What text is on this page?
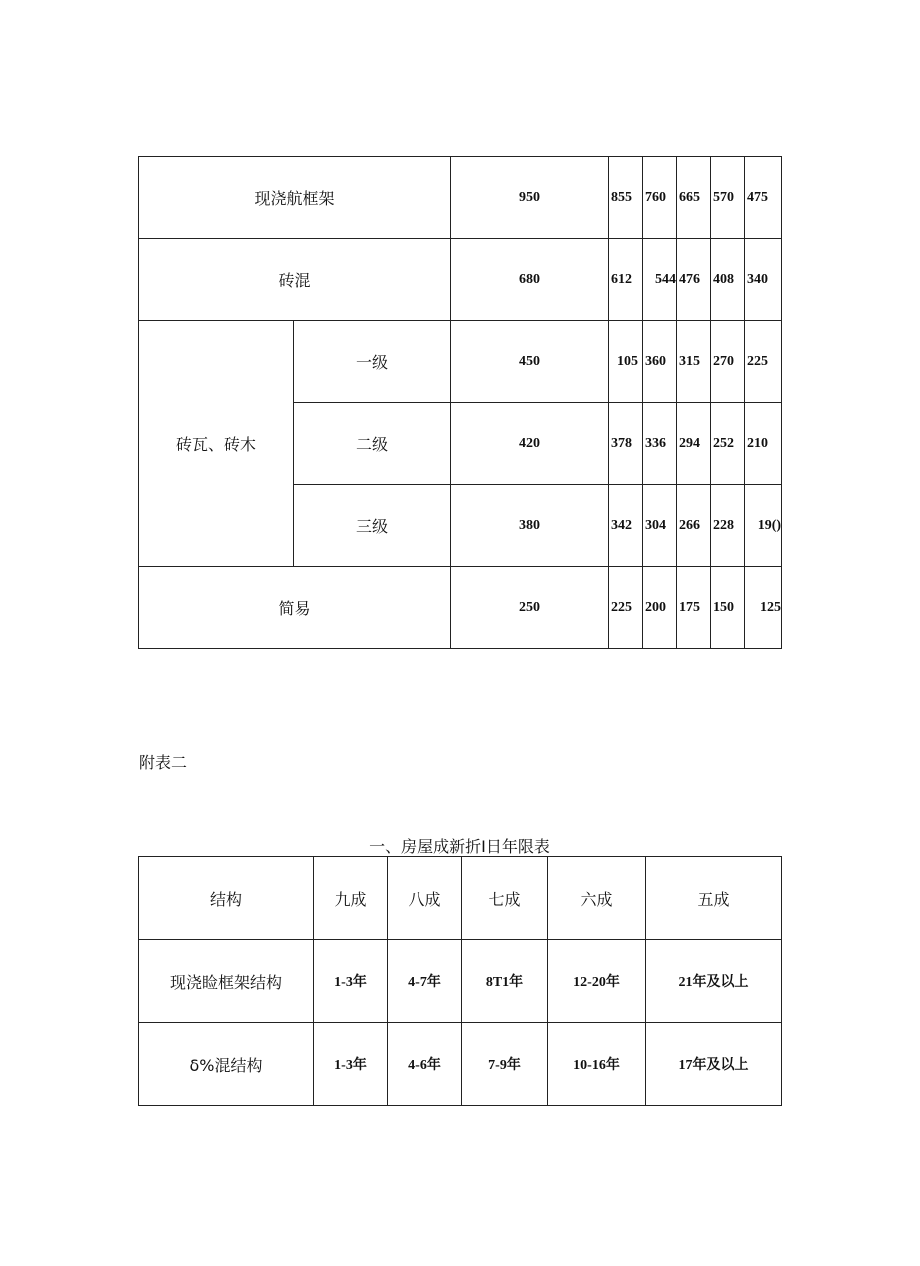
现浇航框架		950	855	760	665	570	475
砖混		680	612	544	476	408	340
砖瓦、砖木	一级	450	105	360	315	270	225
	二级	420	378	336	294	252	210
	三级	380	342	304	266	228	19()
简易		250	225	200	175	150	125
附表二
一、房屋成新折I日年限表
结构	九成	八成	七成	六成	五成
现浇睑框架结构	1-3年	4-7年	8T1年	12-20年	21年及以上
δ%混结构	1-3年	4-6年	7-9年	10-16年	17年及以上
